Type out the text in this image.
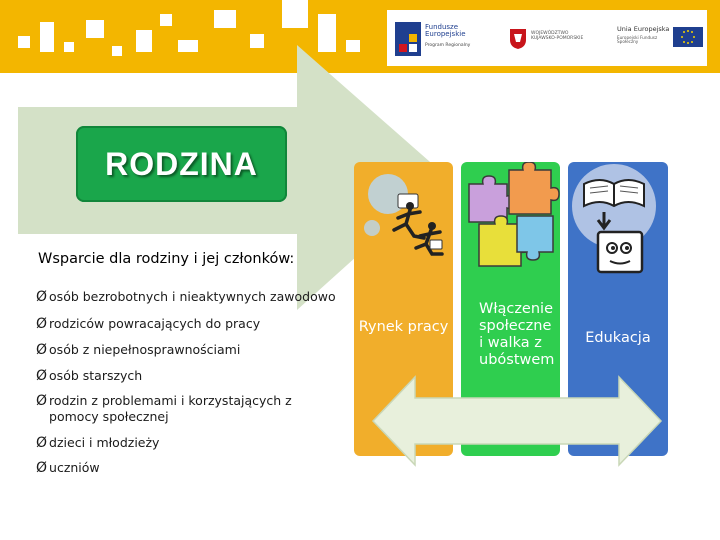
Fundusze Europejskie
Program Regionalny
WOJEWÓDZTWO KUJAWSKO-POMORSKIE
Unia Europejska
Europejski Fundusz Społeczny
RODZINA
Wsparcie dla rodziny i jej członków:
Ø osób bezrobotnych i nieaktywnych zawodowo
Ø rodziców powracających do pracy
Ø osób z niepełnosprawnościami
Ø osób starszych
Ø rodzin z problemami i korzystających z pomocy społecznej
Ø dzieci i młodzieży
Ø uczniów
Rynek pracy
Włączenie społeczne i walka z ubóstwem
Edukacja
